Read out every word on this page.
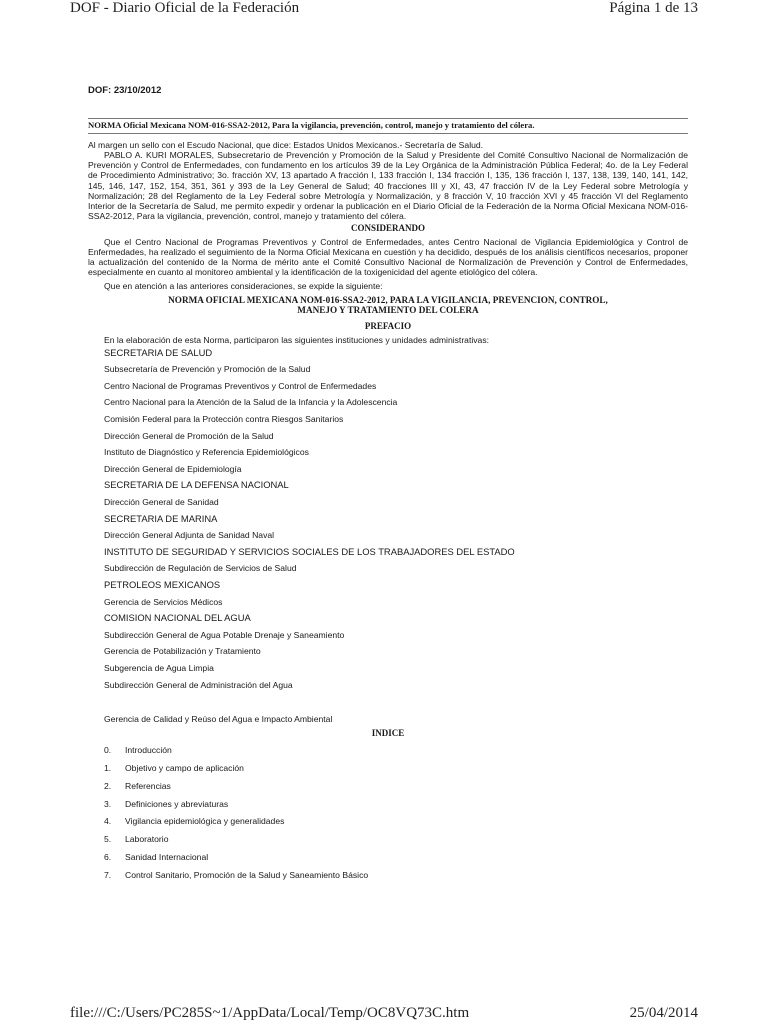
DOF - Diario Oficial de la Federación	Página 1 de 13
DOF: 23/10/2012
NORMA Oficial Mexicana NOM-016-SSA2-2012, Para la vigilancia, prevención, control, manejo y tratamiento del cólera.

Al margen un sello con el Escudo Nacional, que dice: Estados Unidos Mexicanos.- Secretaría de Salud.

PABLO A. KURI MORALES, Subsecretario de Prevención y Promoción de la Salud y Presidente del Comité Consultivo Nacional de Normalización de Prevención y Control de Enfermedades, con fundamento en los artículos 39 de la Ley Orgánica de la Administración Pública Federal; 4o. de la Ley Federal de Procedimiento Administrativo; 3o. fracción XV, 13 apartado A fracción I, 133 fracción I, 134 fracción I, 135, 136 fracción I, 137, 138, 139, 140, 141, 142, 145, 146, 147, 152, 154, 351, 361 y 393 de la Ley General de Salud; 40 fracciones III y XI, 43, 47 fracción IV de la Ley Federal sobre Metrología y Normalización; 28 del Reglamento de la Ley Federal sobre Metrología y Normalización, y 8 fracción V, 10 fracción XVI y 45 fracción VI del Reglamento Interior de la Secretaría de Salud, me permito expedir y ordenar la publicación en el Diario Oficial de la Federación de la Norma Oficial Mexicana NOM-016-SSA2-2012, Para la vigilancia, prevención, control, manejo y tratamiento del cólera.

CONSIDERANDO

Que el Centro Nacional de Programas Preventivos y Control de Enfermedades, antes Centro Nacional de Vigilancia Epidemiológica y Control de Enfermedades, ha realizado el seguimiento de la Norma Oficial Mexicana en cuestión y ha decidido, después de los análisis científicos necesarios, proponer la actualización del contenido de la Norma de mérito ante el Comité Consultivo Nacional de Normalización de Prevención y Control de Enfermedades, especialmente en cuanto al monitoreo ambiental y la identificación de la toxigenicidad del agente etiológico del cólera.

Que en atención a las anteriores consideraciones, se expide la siguiente:

NORMA OFICIAL MEXICANA NOM-016-SSA2-2012, PARA LA VIGILANCIA, PREVENCION, CONTROL,
MANEJO Y TRATAMIENTO DEL COLERA
PREFACIO

En la elaboración de esta Norma, participaron las siguientes instituciones y unidades administrativas:

SECRETARIA DE SALUD
Subsecretaría de Prevención y Promoción de la Salud
Centro Nacional de Programas Preventivos y Control de Enfermedades
Centro Nacional para la Atención de la Salud de la Infancia y la Adolescencia
Comisión Federal para la Protección contra Riesgos Sanitarios
Dirección General de Promoción de la Salud
Instituto de Diagnóstico y Referencia Epidemiológicos
Dirección General de Epidemiología
SECRETARIA DE LA DEFENSA NACIONAL
Dirección General de Sanidad
SECRETARIA DE MARINA
Dirección General Adjunta de Sanidad Naval
INSTITUTO DE SEGURIDAD Y SERVICIOS SOCIALES DE LOS TRABAJADORES DEL ESTADO
Subdirección de Regulación de Servicios de Salud
PETROLEOS MEXICANOS
Gerencia de Servicios Médicos
COMISION NACIONAL DEL AGUA
Subdirección General de Agua Potable Drenaje y Saneamiento
Gerencia de Potabilización y Tratamiento
Subgerencia de Agua Limpia
Subdirección General de Administración del Agua
Gerencia de Calidad y Reúso del Agua e Impacto Ambiental
INDICE
0.	Introducción
1.	Objetivo y campo de aplicación
2.	Referencias
3.	Definiciones y abreviaturas
4.	Vigilancia epidemiológica y generalidades
5.	Laboratorio
6.	Sanidad Internacional
7.	Control Sanitario, Promoción de la Salud y Saneamiento Básico
file:///C:/Users/PC285S~1/AppData/Local/Temp/OC8VQ73C.htm	25/04/2014
